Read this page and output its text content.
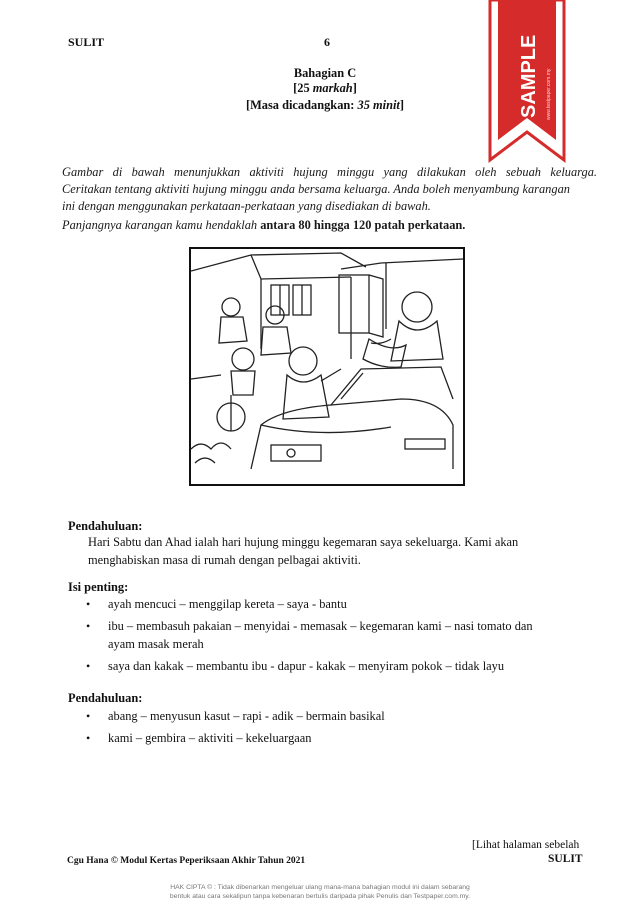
SULIT	6	SAMPLE www.testpaper.com.my
Bahagian C
[25 markah]
[Masa dicadangkan: 35 minit]
Gambar di bawah menunjukkan aktiviti hujung minggu yang dilakukan oleh sebuah keluarga.
Ceritakan tentang aktiviti hujung minggu anda bersama keluarga. Anda boleh menyambung karangan
ini dengan menggunakan perkataan-perkataan yang disediakan di bawah.
Panjangnya karangan kamu hendaklah antara 80 hingga 120 patah perkataan.
Pendahuluan:
Hari Sabtu dan Ahad ialah hari hujung minggu kegemaran saya sekeluarga. Kami akan
menghabiskan masa di rumah dengan pelbagai aktiviti.
Isi penting:
• ayah mencuci – menggilap kereta – saya - bantu
• ibu – membasuh pakaian – menyidai - memasak – kegemaran kami – nasi tomato dan
ayam masak merah
• saya dan kakak – membantu ibu - dapur - kakak – menyiram pokok – tidak layu
Pendahuluan:
• abang – menyusun kasut – rapi - adik – bermain basikal
• kami – gembira – aktiviti – kekeluargaan
[Lihat halaman sebelah
SULIT
Cgu Hana © Modul Kertas Peperiksaan Akhir Tahun 2021
HAK CIPTA © : Tidak dibenarkan mengeluar ulang mana-mana bahagian modul ini dalam sebarang
bentuk atau cara sekalipun tanpa kebenaran bertulis daripada pihak Penulis dan Testpaper.com.my.
